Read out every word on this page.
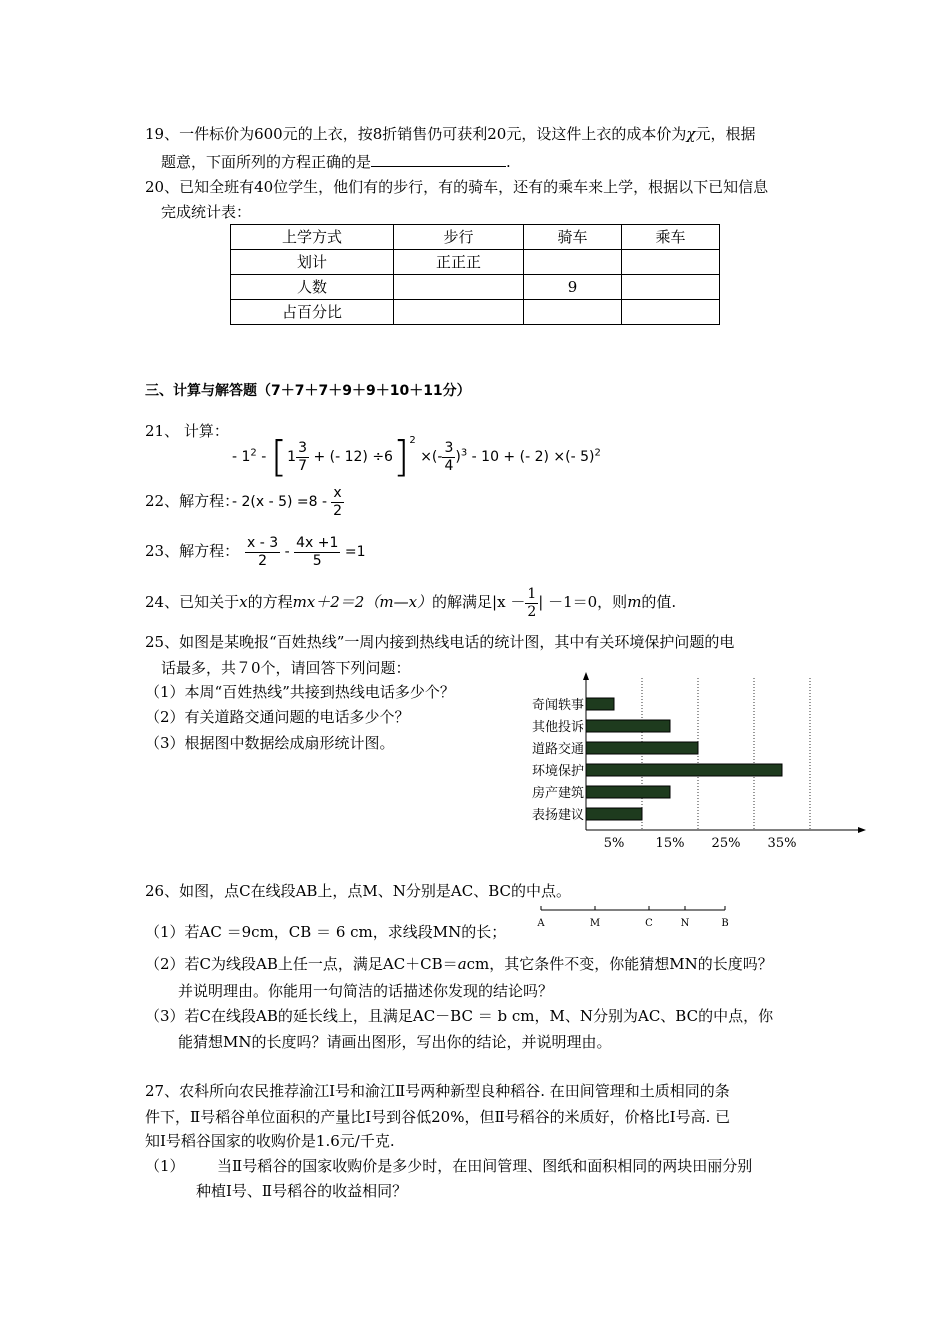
19、一件标价为600元的上衣，按8折销售仍可获利20元，设这件上衣的成本价为χ元，根据
题意，下面所列的方程正确的是	.
20、已知全班有40位学生，他们有的步行，有的骑车，还有的乘车来上学，根据以下已知信息
完成统计表：
上学方式	步行	骑车	乘车
划计	正正正		
人数		9	
占百分比			
三、计算与解答题（7＋7＋7＋9＋9＋10＋11分）
21、 计算：
- $1^2 - [1 \frac{3}{7}$ + (- 12) ÷6]$^2$ ×(- $\frac{3}{4} )^3 - 10$ + (- 2) ×(- 5)$^2$
22、解方程：
- $2(x - 5) =8 - \frac{x}{2}$
23、解方程： $\frac{x - 3}{2} - \frac{4x +1}{5} =1$
24、已知关于x的方程mx＋2＝2（m—x）的解满足$|x - \frac{1}{2}$ | －1＝0，则m的值.
25、如图是某晚报“百姓热线”一周内接到热线电话的统计图，其中有关环境保护问题的电
话最多，共７0个，请回答下列问题：
（1）本周“百姓热线”共接到热线电话多少个？
（2）有关道路交通问题的电话多少个？
（3）根据图中数据绘成扇形统计图。
奇闻轶事
其他投诉
道路交通
环境保护
房产建筑
表扬建议
5% 15% 25% 35%
26、如图，点C在线段AB上，点M、N分别是AC、BC的中点。
（1）若AC ＝9cm，CB ＝ 6 cm，求线段MN的长；	A	M	C	N	B
（2）若C为线段AB上任一点，满足AC＋CB＝acm，其它条件不变，你能猜想MN的长度吗？
并说明理由。你能用一句简洁的话描述你发现的结论吗？
（3）若C在线段AB的延长线上，且满足AC－BC ＝ b cm，M、N分别为AC、BC的中点，你
能猜想MN的长度吗？请画出图形，写出你的结论，并说明理由。
27、农科所向农民推荐渝江Ⅰ号和渝江Ⅱ号两种新型良种稻谷. 在田间管理和土质相同的条
件下，Ⅱ号稻谷单位面积的产量比Ⅰ号到谷低20%，但Ⅱ号稻谷的米质好，价格比Ⅰ号高. 已
知Ⅰ号稻谷国家的收购价是1.6元/千克.
（1） 当Ⅱ号稻谷的国家收购价是多少时，在田间管理、图纸和面积相同的两块田丽分别
种植Ⅰ号、Ⅱ号稻谷的收益相同？
